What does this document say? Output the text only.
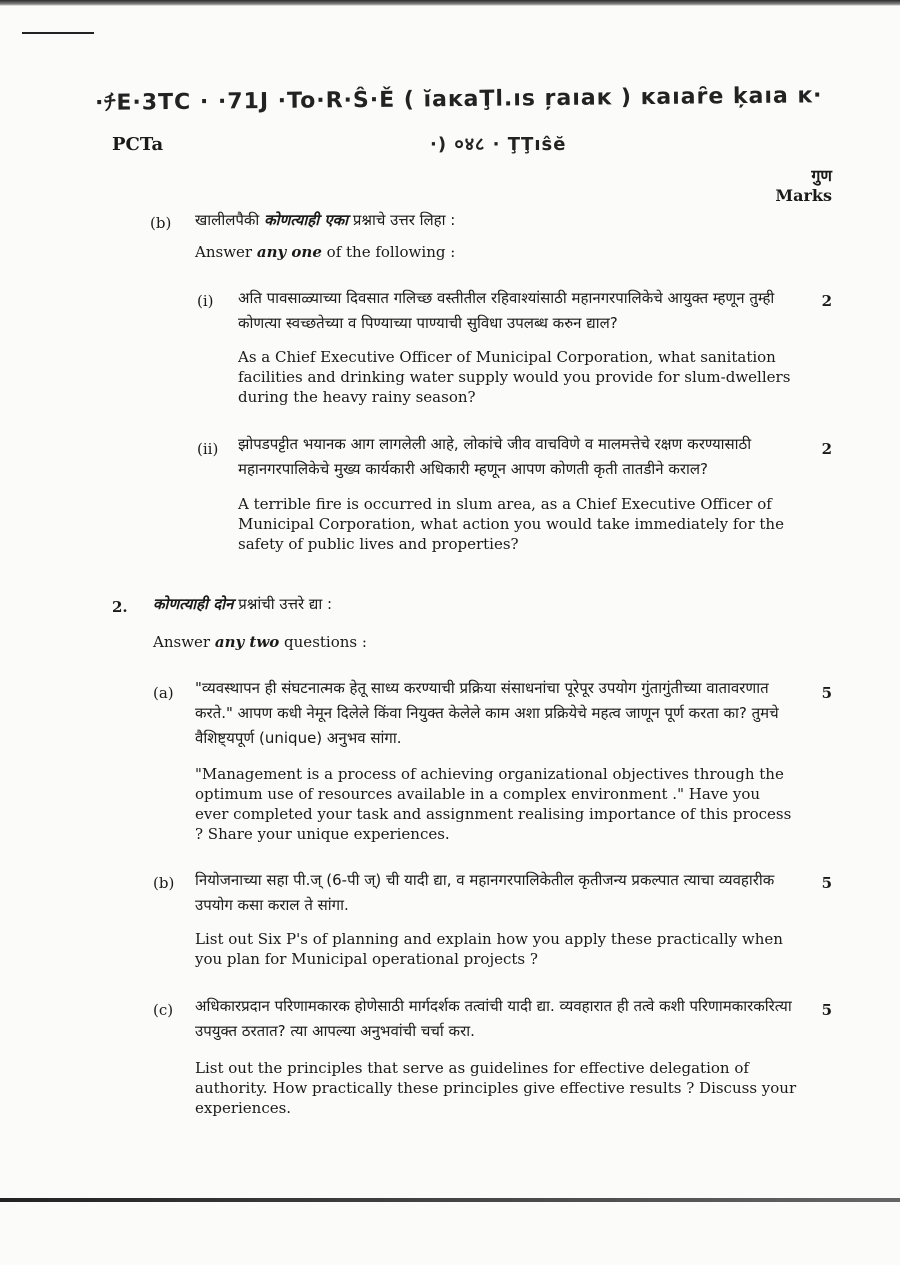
·ﾁE·3TC · ·71J ·To·R·Ŝ·Ě ( ĭaĸaŢl.ıs ŗaıaĸ ) ĸaıaȓe ķaıa ĸ·
·) ०४८ · ŢŢıŝĕ
PCTa
गुण
Marks
(b) खालीलपैकी कोणत्याही एका प्रश्नाचे उत्तर लिहा :
Answer any one of the following :
(i) अति पावसाळ्याच्या दिवसात गलिच्छ वस्तीतील रहिवाश्यांसाठी महानगरपालिकेचे आयुक्त म्हणून तुम्ही कोणत्या स्वच्छतेच्या व पिण्याच्या पाण्याची सुविधा उपलब्ध करुन द्याल?
2
As a Chief Executive Officer of Municipal Corporation, what sanitation facilities and drinking water supply would you provide for slum-dwellers during the heavy rainy season?
(ii) झोपडपट्टीत भयानक आग लागलेली आहे, लोकांचे जीव वाचविणे व मालमत्तेचे रक्षण करण्यासाठी महानगरपालिकेचे मुख्य कार्यकारी अधिकारी म्हणून आपण कोणती कृती तातडीने कराल?
2
A terrible fire is occurred in slum area, as a Chief Executive Officer of Municipal Corporation, what action you would take immediately for the safety of public lives and properties?
2. कोणत्याही दोन प्रश्नांची उत्तरे द्या :
Answer any two questions :
(a) "व्यवस्थापन ही संघटनात्मक हेतू साध्य करण्याची प्रक्रिया संसाधनांचा पूरेपूर उपयोग गुंतागुंतीच्या वातावरणात करते." आपण कधी नेमून दिलेले किंवा नियुक्त केलेले काम अशा प्रक्रियेचे महत्व जाणून पूर्ण करता का? तुमचे वैशिष्ट्यपूर्ण (unique) अनुभव सांगा.
5
"Management is a process of achieving organizational objectives through the optimum use of resources available in a complex environment ." Have you ever completed your task and assignment realising importance of this process ? Share your unique experiences.
(b) नियोजनाच्या सहा पी.ज् (6-पी ज्) ची यादी द्या, व महानगरपालिकेतील कृतीजन्य प्रकल्पात त्याचा व्यवहारीक उपयोग कसा कराल ते सांगा.
5
List out Six P's of planning and explain how you apply these practically when you plan for Municipal operational projects ?
(c) अधिकारप्रदान परिणामकारक होणेसाठी मार्गदर्शक तत्वांची यादी द्या. व्यवहारात ही तत्वे कशी परिणामकारकरित्या उपयुक्त ठरतात? त्या आपल्या अनुभवांची चर्चा करा.
5
List out the principles that serve as guidelines for effective delegation of authority. How practically these principles give effective results ? Discuss your experiences.
